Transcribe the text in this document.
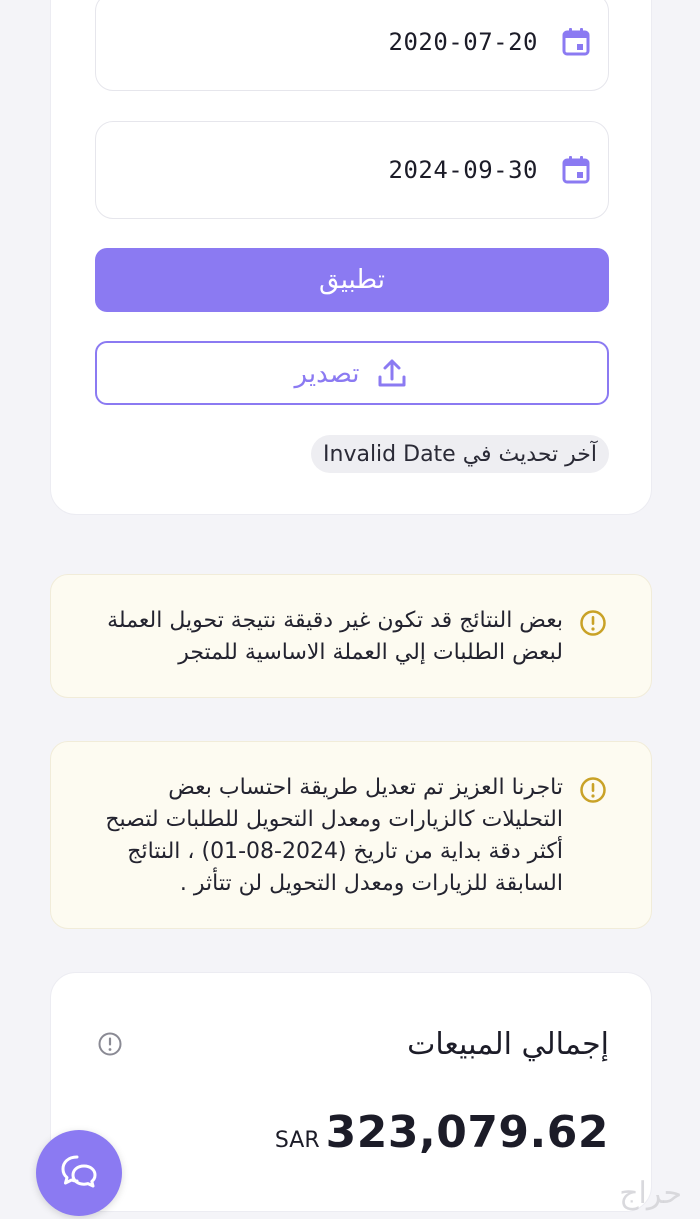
2020-07-20
2024-09-30
تطبيق
تصدير
آخر تحديث في Invalid Date
بعض النتائج قد تكون غير دقيقة نتيجة تحويل العملة لبعض الطلبات إلي العملة الاساسية للمتجر
تاجرنا العزيز تم تعديل طريقة احتساب بعض التحليلات كالزيارات ومعدل التحويل للطلبات لتصبح أكثر دقة بداية من تاريخ (2024-08-01) ، النتائج السابقة للزيارات ومعدل التحويل لن تتأثر .
إجمالي المبيعات
SAR 323,079.62
حراج
